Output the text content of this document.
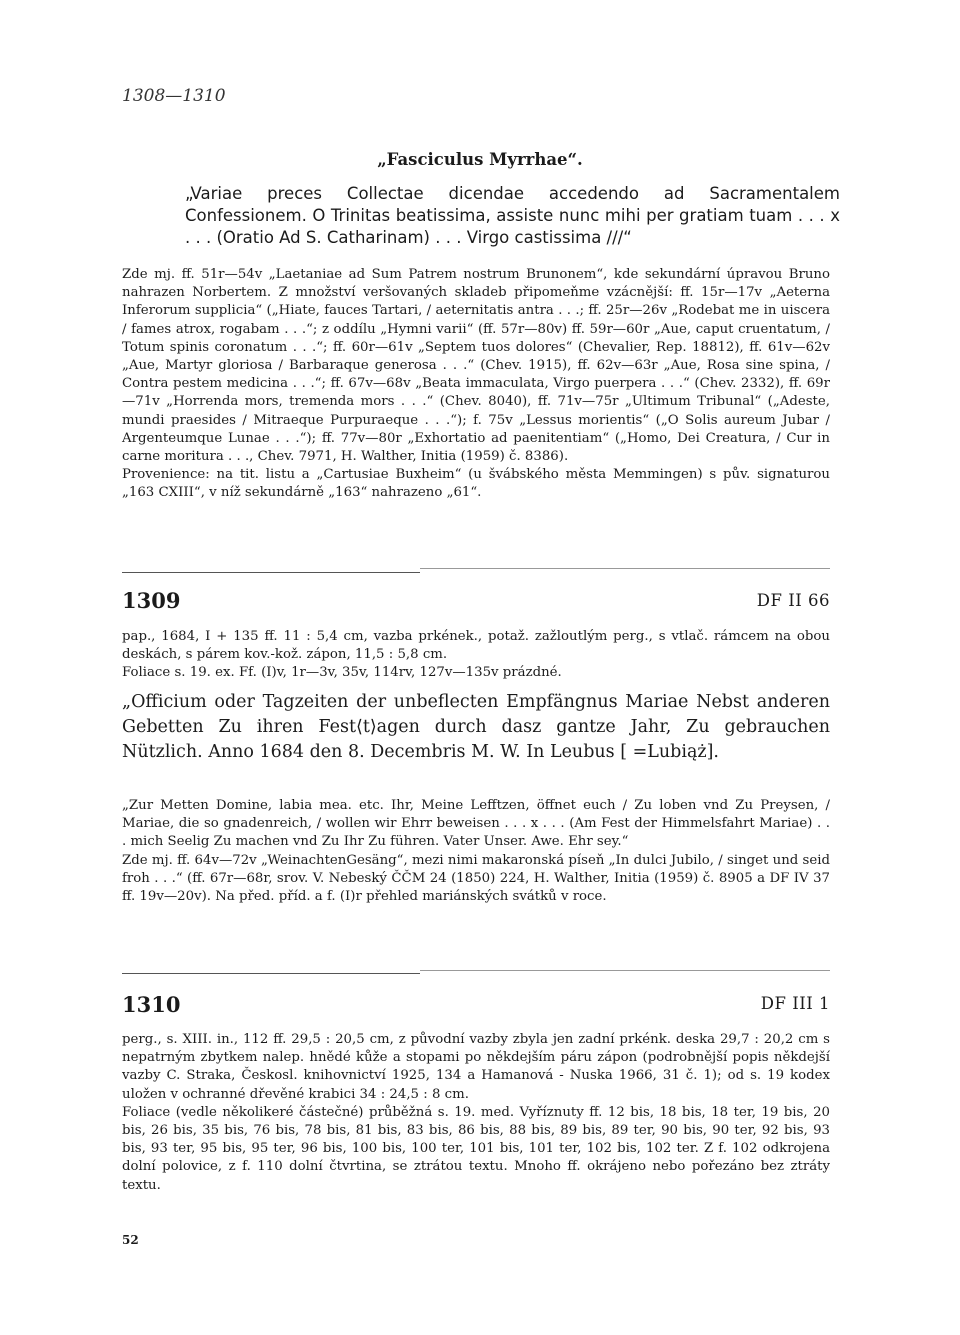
1308—1310
„Fasciculus Myrrhae“.
„Variae preces Collectae dicendae accedendo ad Sacramentalem Confessionem. O Trinitas beatissima, assiste nunc mihi per gratiam tuam . . . x . . . (Oratio Ad S. Catharinam) . . . Virgo castissima ///“

Zde mj. ff. 51r—54v „Laetaniae ad Sum Patrem nostrum Brunonem“, kde sekundární úpravou Bruno nahrazen Norbertem. Z množství veršovaných skladeb připomeňme vzácnější: ff. 15r—17v „Aeterna Inferorum supplicia“ („Hiate, fauces Tartari, / aeternitatis antra . . .; ff. 25r—26v „Rodebat me in uiscera / fames atrox, rogabam . . .“; z oddílu „Hymni varii“ (ff. 57r—80v) ff. 59r—60r „Aue, caput cruentatum, / Totum spinis coronatum . . .“; ff. 60r—61v „Septem tuos dolores“ (Chevalier, Rep. 18812), ff. 61v—62v „Aue, Martyr gloriosa / Barbaraque generosa . . .“ (Chev. 1915), ff. 62v—63r „Aue, Rosa sine spina, / Contra pestem medicina . . .“; ff. 67v—68v „Beata immaculata, Virgo puerpera . . .“ (Chev. 2332), ff. 69r—71v „Horrenda mors, tremenda mors . . .“ (Chev. 8040), ff. 71v—75r „Ultimum Tribunal“ („Adeste, mundi praesides / Mitraeque Purpuraeque . . .“); f. 75v „Lessus morientis“ („O Solis aureum Jubar / Argenteumque Lunae . . .“); ff. 77v—80r „Exhortatio ad paenitentiam“ („Homo, Dei Creatura, / Cur in carne moritura . . ., Chev. 7971, H. Walther, Initia (1959) č. 8386).

Provenience: na tit. listu a „Cartusiae Buxheim“ (u švábského města Memmingen) s pův. signaturou „163 CXIII“, v níž sekundárně „163“ nahrazeno „61“.

1309	DF II 66

pap., 1684, I + 135 ff. 11 : 5,4 cm, vazba prkének., potaž. zažloutlým perg., s vtlač. rámcem na obou deskách, s párem kov.-kož. zápon, 11,5 : 5,8 cm.

Foliace s. 19. ex. Ff. (I)v, 1r—3v, 35v, 114rv, 127v—135v prázdné.

„Officium oder Tagzeiten der unbeflecten Empfängnus Mariae Nebst anderen Gebetten Zu ihren Fest⟨t⟩agen durch dasz gantze Jahr, Zu gebrauchen Nützlich. Anno 1684 den 8. Decembris M. W. In Leubus [ =Lubiąż].

„Zur Metten Domine, labia mea. etc. Ihr, Meine Lefftzen, öffnet euch / Zu loben vnd Zu Preysen, / Mariae, die so gnadenreich, / wollen wir Ehrr beweisen . . . x . . . (Am Fest der Himmelsfahrt Mariae) . . . mich Seelig Zu machen vnd Zu Ihr Zu führen. Vater Unser. Awe. Ehr sey.“

Zde mj. ff. 64v—72v „WeinachtenGesäng“, mezi nimi makaronská píseň „In dulci Jubilo, / singet und seid froh . . .“ (ff. 67r—68r, srov. V. Nebeský ČČM 24 (1850) 224, H. Walther, Initia (1959) č. 8905 a DF IV 37 ff. 19v—20v). Na před. příd. a f. (I)r přehled mariánských svátků v roce.

1310	DF III 1

perg., s. XIII. in., 112 ff. 29,5 : 20,5 cm, z původní vazby zbyla jen zadní prkénk. deska 29,7 : 20,2 cm s nepatrným zbytkem nalep. hnědé kůže a stopami po někdejším páru zápon (podrobnější popis někdejší vazby C. Straka, Českosl. knihovnictví 1925, 134 a Hamanová - Nuska 1966, 31 č. 1); od s. 19 kodex uložen v ochranné dřevěné krabici 34 : 24,5 : 8 cm.

Foliace (vedle několikeré částečné) průběžná s. 19. med. Vyříznuty ff. 12 bis, 18 bis, 18 ter, 19 bis, 20 bis, 26 bis, 35 bis, 76 bis, 78 bis, 81 bis, 83 bis, 86 bis, 88 bis, 89 bis, 89 ter, 90 bis, 90 ter, 92 bis, 93 bis, 93 ter, 95 bis, 95 ter, 96 bis, 100 bis, 100 ter, 101 bis, 101 ter, 102 bis, 102 ter. Z f. 102 odkrojena dolní polovice, z f. 110 dolní čtvrtina, se ztrátou textu. Mnoho ff. okrájeno nebo pořezáno bez ztráty textu.

52
